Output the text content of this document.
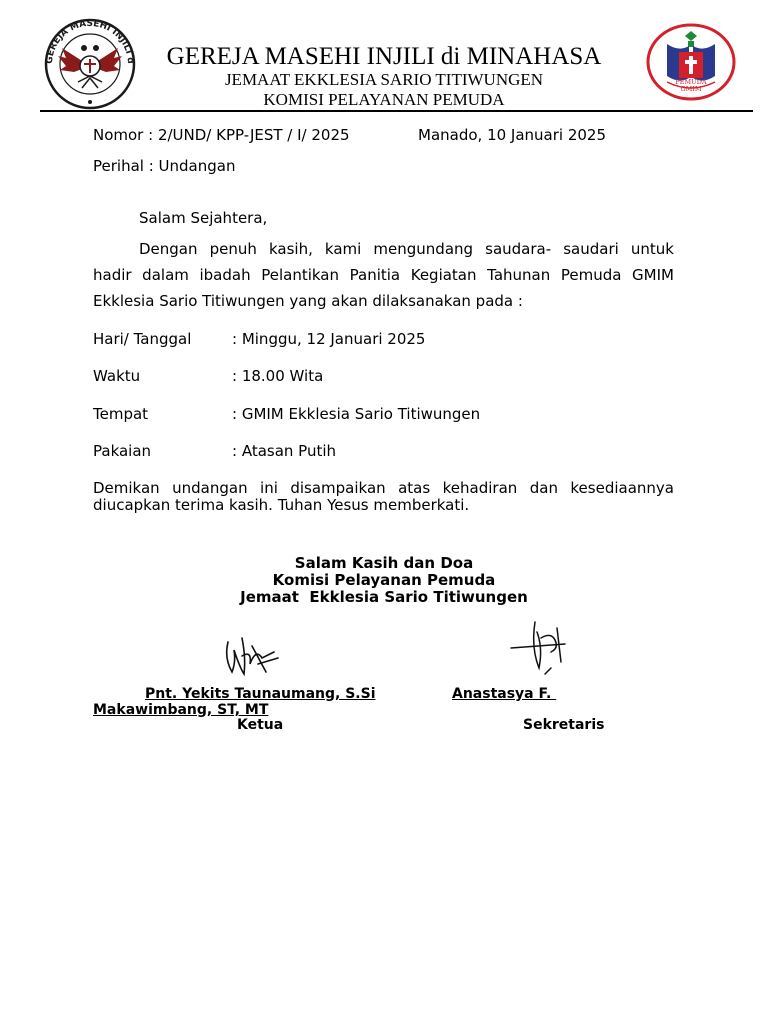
GEREJA MASEHI INJILI d	GEREJA MASEHI INJILI di MINAHASA
JEMAAT EKKLESIA SARIO TITIWUNGEN
KOMISI PELAYANAN PEMUDA
PEMUDA
GMIM
Nomor : 2/UND/ KPP-JEST / I/ 2025	Manado, 10 Januari 2025
Perihal : Undangan
Salam Sejahtera,
Dengan penuh kasih, kami mengundang saudara- saudari untuk
hadir dalam ibadah Pelantikan Panitia Kegiatan Tahunan Pemuda GMIM
Ekklesia Sario Titiwungen yang akan dilaksanakan pada :
Hari/ Tanggal	: Minggu, 12 Januari 2025
Waktu	: 18.00 Wita
Tempat	: GMIM Ekklesia Sario Titiwungen
Pakaian	: Atasan Putih
Demikan undangan ini disampaikan atas kehadiran dan kesediaannya
diucapkan terima kasih. Tuhan Yesus memberkati.
Salam Kasih dan Doa
Komisi Pelayanan Pemuda
Jemaat  Ekklesia Sario Titiwungen
Pnt. Yekits Taunaumang, S.Si	Anastasya F.
Makawimbang, ST, MT
Ketua	Sekretaris
